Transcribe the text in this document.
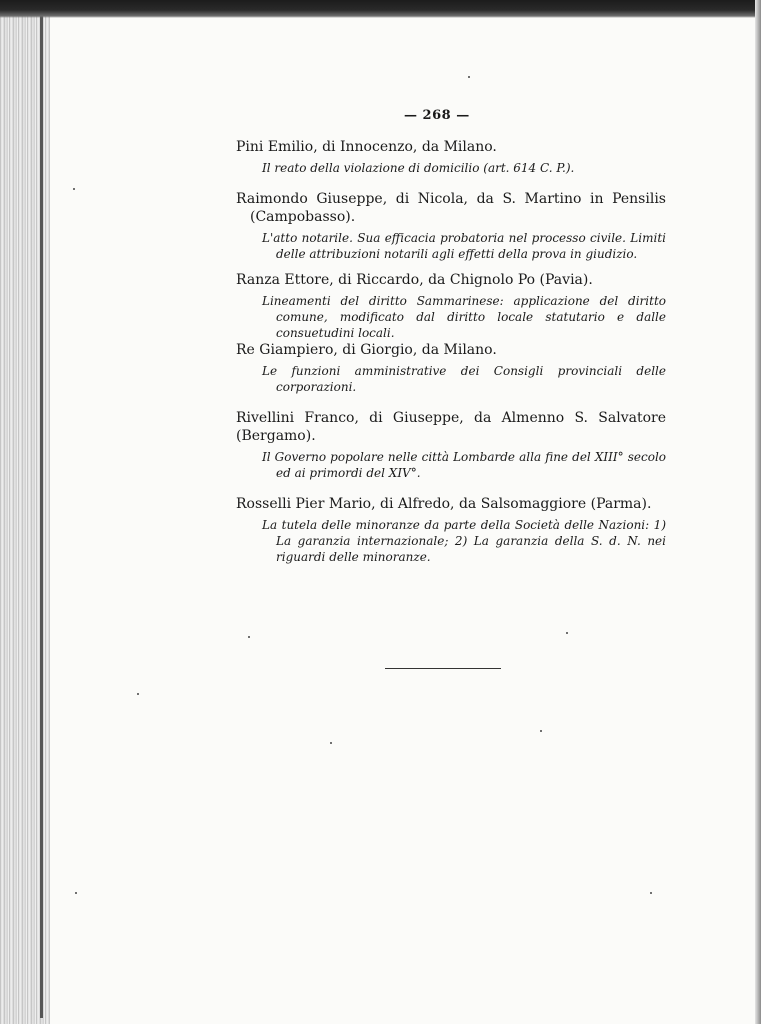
— 268 —
Pini Emilio, di Innocenzo, da Milano.
Il reato della violazione di domicilio (art. 614 C. P.).
Raimondo Giuseppe, di Nicola, da S. Martino in Pensilis (Campobasso).
L'atto notarile. Sua efficacia probatoria nel processo civile. Limiti delle attribuzioni notarili agli effetti della prova in giudizio.
Ranza Ettore, di Riccardo, da Chignolo Po (Pavia).
Lineamenti del diritto Sammarinese: applicazione del diritto comune, modificato dal diritto locale statutario e dalle consuetudini locali.
Re Giampiero, di Giorgio, da Milano.
Le funzioni amministrative dei Consigli provinciali delle corporazioni.
Rivellini Franco, di Giuseppe, da Almenno S. Salvatore (Bergamo).
Il Governo popolare nelle città Lombarde alla fine del XIII° secolo ed ai primordi del XIV°.
Rosselli Pier Mario, di Alfredo, da Salsomaggiore (Parma).
La tutela delle minoranze da parte della Società delle Nazioni: 1) La garanzia internazionale; 2) La garanzia della S. d. N. nei riguardi delle minoranze.
